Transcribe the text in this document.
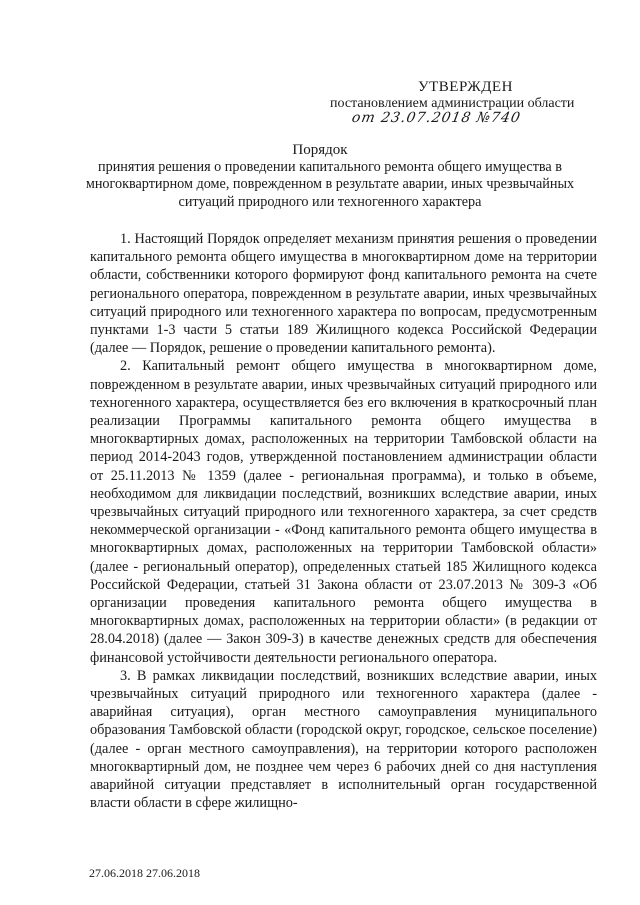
УТВЕРЖДЕН
постановлением администрации области
от 23.07.2018 №740
Порядок
принятия решения о проведении капитального ремонта общего имущества в многоквартирном доме, поврежденном в результате аварии, иных чрезвычайных ситуаций природного или техногенного характера

1. Настоящий Порядок определяет механизм принятия решения о проведении капитального ремонта общего имущества в многоквартирном доме на территории области, собственники которого формируют фонд капитального ремонта на счете регионального оператора, поврежденном в результате аварии, иных чрезвычайных ситуаций природного или техногенного характера по вопросам, предусмотренным пунктами 1-3 части 5 статьи 189 Жилищного кодекса Российской Федерации (далее — Порядок, решение о проведении капитального ремонта).

2. Капитальный ремонт общего имущества в многоквартирном доме, поврежденном в результате аварии, иных чрезвычайных ситуаций природного или техногенного характера, осуществляется без его включения в краткосрочный план реализации Программы капитального ремонта общего имущества в многоквартирных домах, расположенных на территории Тамбовской области на период 2014-2043 годов, утвержденной постановлением администрации области от 25.11.2013 № 1359 (далее - региональная программа), и только в объеме, необходимом для ликвидации последствий, возникших вследствие аварии, иных чрезвычайных ситуаций природного или техногенного характера, за счет средств некоммерческой организации - «Фонд капитального ремонта общего имущества в многоквартирных домах, расположенных на территории Тамбовской области» (далее - региональный оператор), определенных статьей 185 Жилищного кодекса Российской Федерации, статьей 31 Закона области от 23.07.2013 № 309-З «Об организации проведения капитального ремонта общего имущества в многоквартирных домах, расположенных на территории области» (в редакции от 28.04.2018) (далее — Закон 309-З) в качестве денежных средств для обеспечения финансовой устойчивости деятельности регионального оператора.

3. В рамках ликвидации последствий, возникших вследствие аварии, иных чрезвычайных ситуаций природного или техногенного характера (далее - аварийная ситуация), орган местного самоуправления муниципального образования Тамбовской области (городской округ, городское, сельское поселение) (далее - орган местного самоуправления), на территории которого расположен многоквартирный дом, не позднее чем через 6 рабочих дней со дня наступления аварийной ситуации представляет в исполнительный орган государственной власти области в сфере жилищно-

27.06.2018 27.06.2018
